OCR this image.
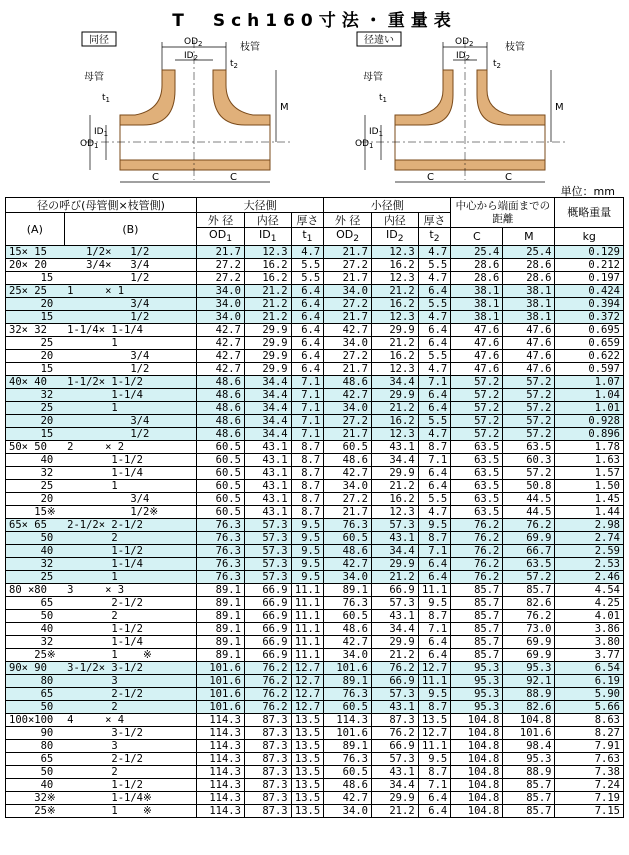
T　Sch160寸法・重量表
同径	$OD_2$
$ID_2$
枝管
$t_2$
母管
$t_1$
$OD_1$
$ID_1$
M
C	C
径違い	$OD_2$
$ID_2$
枝管
$t_2$
母管
$t_1$
$OD_1$
$ID_1$
M
C	C
単位：mm
径の呼び(母管側×枝管側)		大径側			小径側			中心から端面までの距離		概略重量
(A)	(B)	外 径	内径	厚さ	外 径	内径	厚さ			
		$OD_1$	$ID_1$	$t_1$	$OD_2$	$ID_2$	$t_2$	C	M	kg
15× 15	1/2×   1/2	21.7	12.3	4.7	21.7	12.3	4.7	25.4	25.4	0.129
20× 20	3/4×   3/4	27.2	16.2	5.5	27.2	16.2	5.5	28.6	28.6	0.212
15	1/2	27.2	16.2	5.5	21.7	12.3	4.7	28.6	28.6	0.197
25× 25	1     × 1	34.0	21.2	6.4	34.0	21.2	6.4	38.1	38.1	0.424
20	3/4	34.0	21.2	6.4	27.2	16.2	5.5	38.1	38.1	0.394
15	1/2	34.0	21.2	6.4	21.7	12.3	4.7	38.1	38.1	0.372
32× 32	1-1/4× 1-1/4	42.7	29.9	6.4	42.7	29.9	6.4	47.6	47.6	0.695
25	1	42.7	29.9	6.4	34.0	21.2	6.4	47.6	47.6	0.659
20	3/4	42.7	29.9	6.4	27.2	16.2	5.5	47.6	47.6	0.622
15	1/2	42.7	29.9	6.4	21.7	12.3	4.7	47.6	47.6	0.597
40× 40	1-1/2× 1-1/2	48.6	34.4	7.1	48.6	34.4	7.1	57.2	57.2	1.07
32	1-1/4	48.6	34.4	7.1	42.7	29.9	6.4	57.2	57.2	1.04
25	1	48.6	34.4	7.1	34.0	21.2	6.4	57.2	57.2	1.01
20	3/4	48.6	34.4	7.1	27.2	16.2	5.5	57.2	57.2	0.928
15	1/2	48.6	34.4	7.1	21.7	12.3	4.7	57.2	57.2	0.896
50× 50	2     × 2	60.5	43.1	8.7	60.5	43.1	8.7	63.5	63.5	1.78
40	1-1/2	60.5	43.1	8.7	48.6	34.4	7.1	63.5	60.3	1.63
32	1-1/4	60.5	43.1	8.7	42.7	29.9	6.4	63.5	57.2	1.57
25	1	60.5	43.1	8.7	34.0	21.2	6.4	63.5	50.8	1.50
20	3/4	60.5	43.1	8.7	27.2	16.2	5.5	63.5	44.5	1.45
15※	1/2※	60.5	43.1	8.7	21.7	12.3	4.7	63.5	44.5	1.44
65× 65	2-1/2× 2-1/2	76.3	57.3	9.5	76.3	57.3	9.5	76.2	76.2	2.98
50	2	76.3	57.3	9.5	60.5	43.1	8.7	76.2	69.9	2.74
40	1-1/2	76.3	57.3	9.5	48.6	34.4	7.1	76.2	66.7	2.59
32	1-1/4	76.3	57.3	9.5	42.7	29.9	6.4	76.2	63.5	2.53
25	1	76.3	57.3	9.5	34.0	21.2	6.4	76.2	57.2	2.46
80 ×80	3     × 3	89.1	66.9	11.1	89.1	66.9	11.1	85.7	85.7	4.54
65	2-1/2	89.1	66.9	11.1	76.3	57.3	9.5	85.7	82.6	4.25
50	2	89.1	66.9	11.1	60.5	43.1	8.7	85.7	76.2	4.01
40	1-1/2	89.1	66.9	11.1	48.6	34.4	7.1	85.7	73.0	3.86
32	1-1/4	89.1	66.9	11.1	42.7	29.9	6.4	85.7	69.9	3.80
25※	1    ※	89.1	66.9	11.1	34.0	21.2	6.4	85.7	69.9	3.77
90× 90	3-1/2× 3-1/2	101.6	76.2	12.7	101.6	76.2	12.7	95.3	95.3	6.54
80	3	101.6	76.2	12.7	89.1	66.9	11.1	95.3	92.1	6.19
65	2-1/2	101.6	76.2	12.7	76.3	57.3	9.5	95.3	88.9	5.90
50	2	101.6	76.2	12.7	60.5	43.1	8.7	95.3	82.6	5.66
100×100	4     × 4	114.3	87.3	13.5	114.3	87.3	13.5	104.8	104.8	8.63
90	3-1/2	114.3	87.3	13.5	101.6	76.2	12.7	104.8	101.6	8.27
80	3	114.3	87.3	13.5	89.1	66.9	11.1	104.8	98.4	7.91
65	2-1/2	114.3	87.3	13.5	76.3	57.3	9.5	104.8	95.3	7.63
50	2	114.3	87.3	13.5	60.5	43.1	8.7	104.8	88.9	7.38
40	1-1/2	114.3	87.3	13.5	48.6	34.4	7.1	104.8	85.7	7.24
32※	1-1/4※	114.3	87.3	13.5	42.7	29.9	6.4	104.8	85.7	7.19
25※	1    ※	114.3	87.3	13.5	34.0	21.2	6.4	104.8	85.7	7.15
